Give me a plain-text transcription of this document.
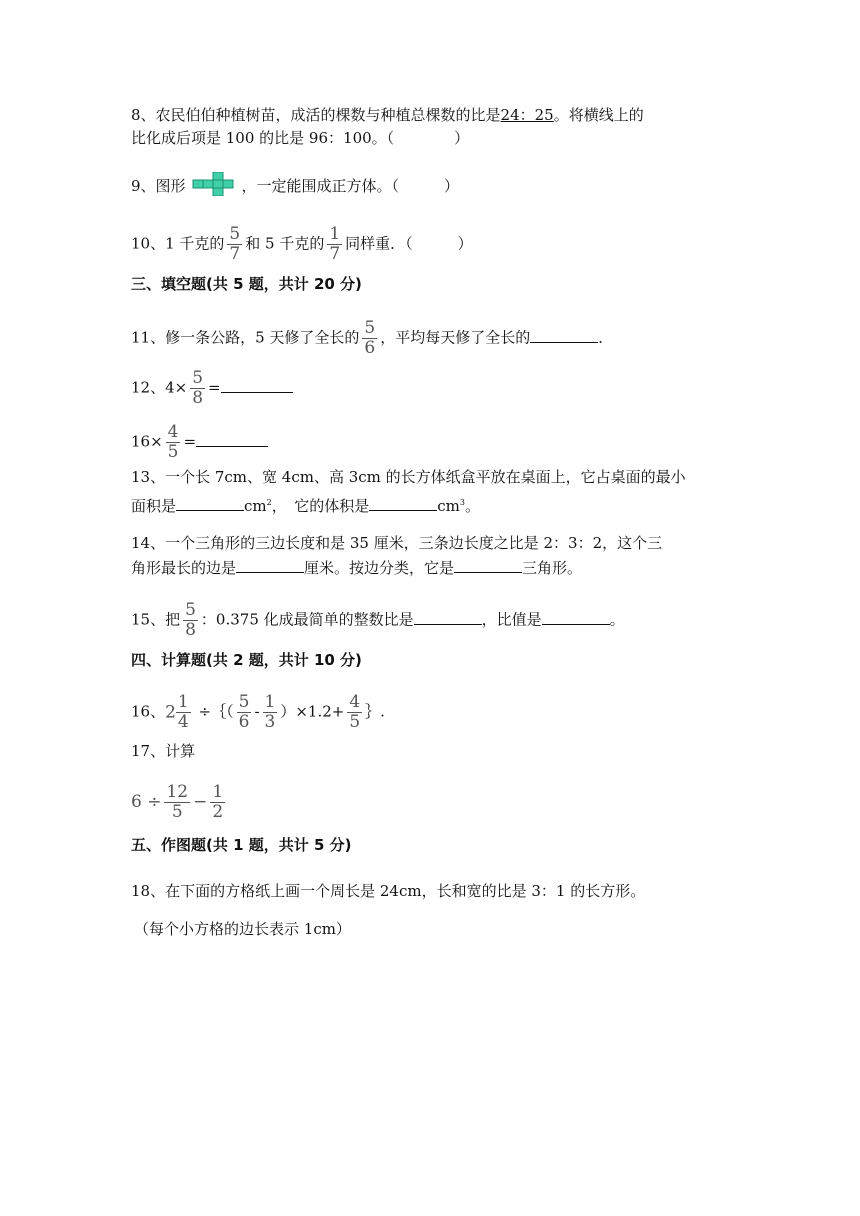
8、农民伯伯种植树苗，成活的棵数与种植总棵数的比是24：25。将横线上的
比化成后项是 100 的比是 96：100。（　　　　）
9、图形	，一定能围成正方体。（　　　）
10、1 千克的 $\frac{5}{7}$ 和 5 千克的 $\frac{1}{7}$ 同样重．（　　　）
三、填空题(共 5 题，共计 20 分)
11、修一条公路，5 天修了全长的 $\frac{5}{6}$ ，平均每天修了全长的	．
12、$4\times \frac{5}{8}$ =
$16\times \frac{4}{5}$ =
13、一个长 7cm、宽 4cm、高 3cm 的长方体纸盒平放在桌面上，它占桌面的最小
面积是	$cm^2$，　它的体积是	$cm^3$。
14、一个三角形的三边长度和是 35 厘米，三条边长度之比是 2：3：2，这个三
角形最长的边是	厘米。按边分类，它是	三角形。
15、把 $\frac{5}{8}$ ：0.375 化成最简单的整数比是	，比值是	。
四、计算题(共 2 题，共计 10 分)
16、$2 \frac{1}{4}$ ÷｛（ $\frac{5}{6} - \frac{1}{3} )\times 1.2+ \frac{4}{5}$ ｝.
17、计算
$6 \div \frac{12}{5} - \frac{1}{2}$
五、作图题(共 1 题，共计 5 分)
18、在下面的方格纸上画一个周长是 24cm，长和宽的比是 3：1 的长方形。
（每个小方格的边长表示 1cm）
